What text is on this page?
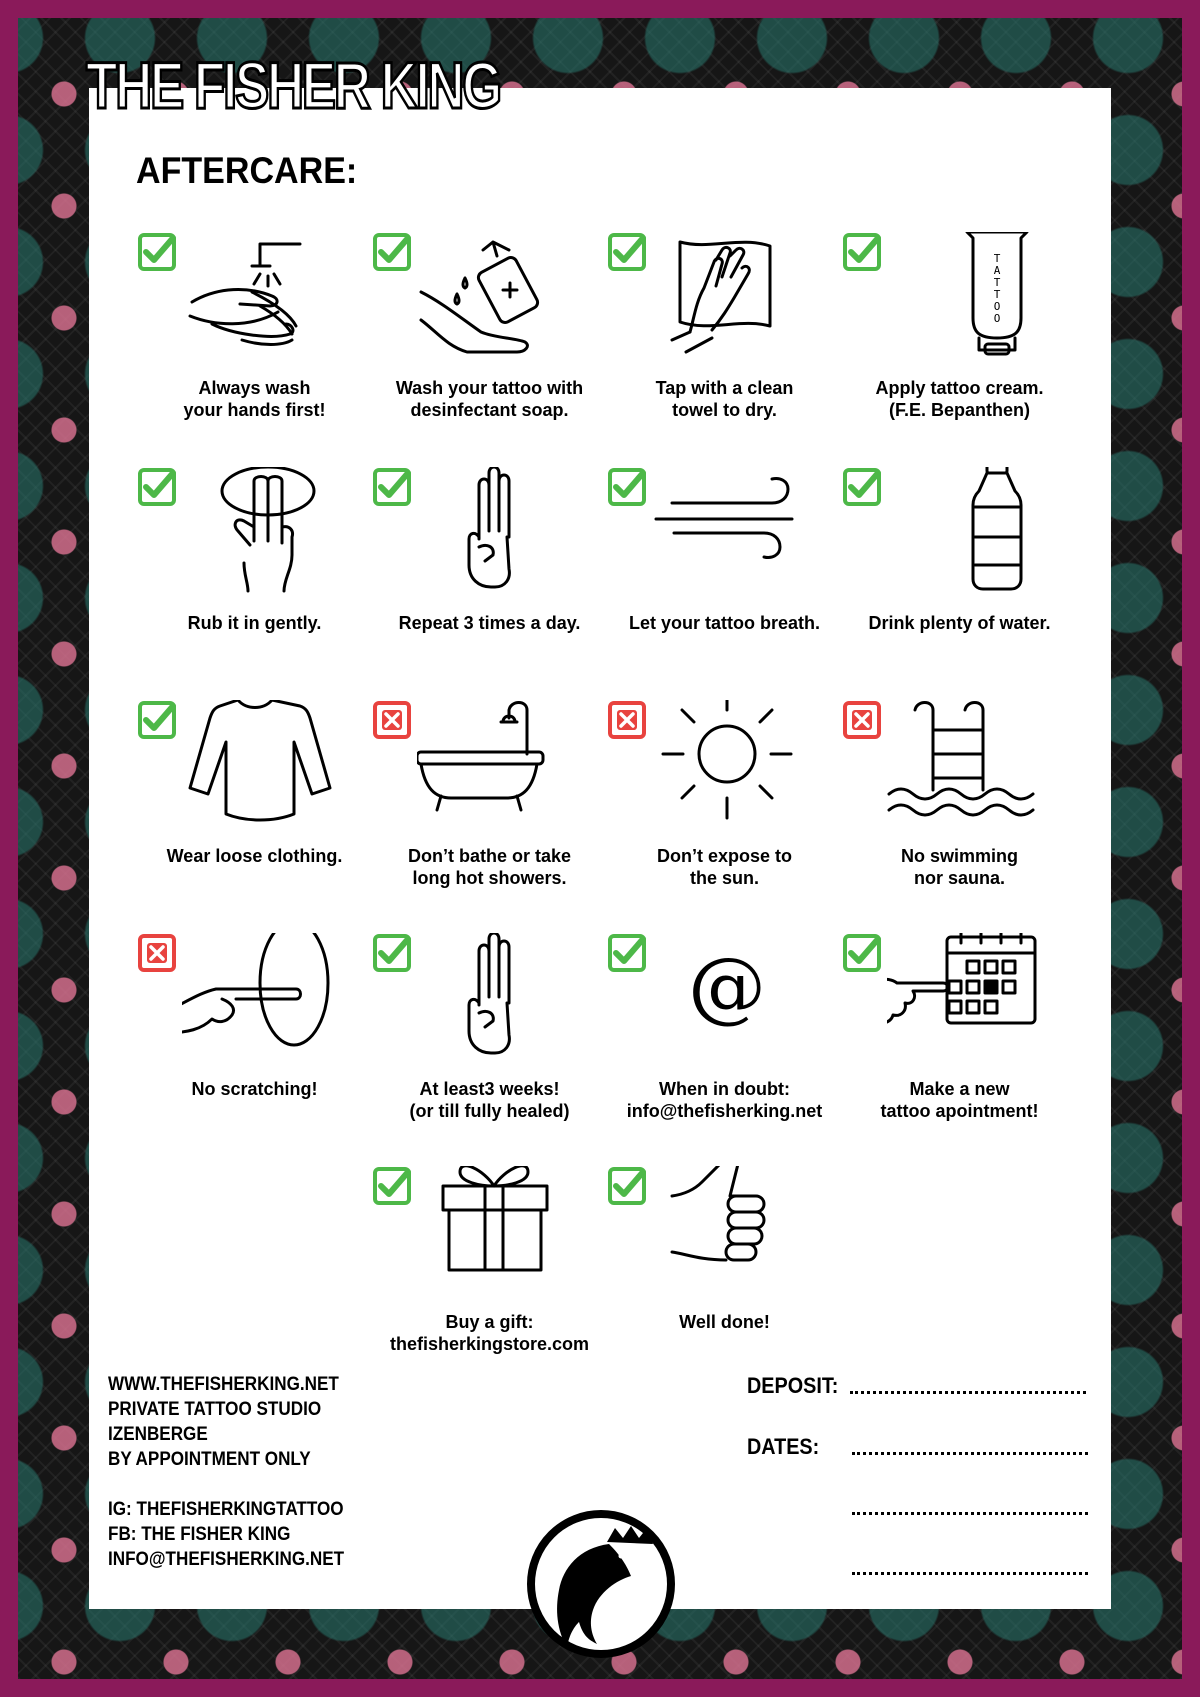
THE FISHER KING
AFTERCARE:
Always wash
your hands first!
Wash your tattoo with
desinfectant soap.
Tap with a clean
towel to dry.
T
A
T
T
O
O
Apply tattoo cream.
(F.E. Bepanthen)
Rub it in gently.	Repeat 3 times a day.	Let your tattoo breath.	Drink plenty of water.
Wear loose clothing.	Don’t bathe or take
long hot showers.
Don’t expose to
the sun.
No swimming
nor sauna.
No scratching!	At least3 weeks!
(or till fully healed)
@
When in doubt:
info@thefisherking.net
Make a new
tattoo apointment!
Buy a gift:
thefisherkingstore.com
Well done!
WWW.THEFISHERKING.NET
PRIVATE TATTOO STUDIO
IZENBERGE
BY APPOINTMENT ONLY
IG: THEFISHERKINGTATTOO
FB: THE FISHER KING
INFO@THEFISHERKING.NET
DEPOSIT:
DATES:
